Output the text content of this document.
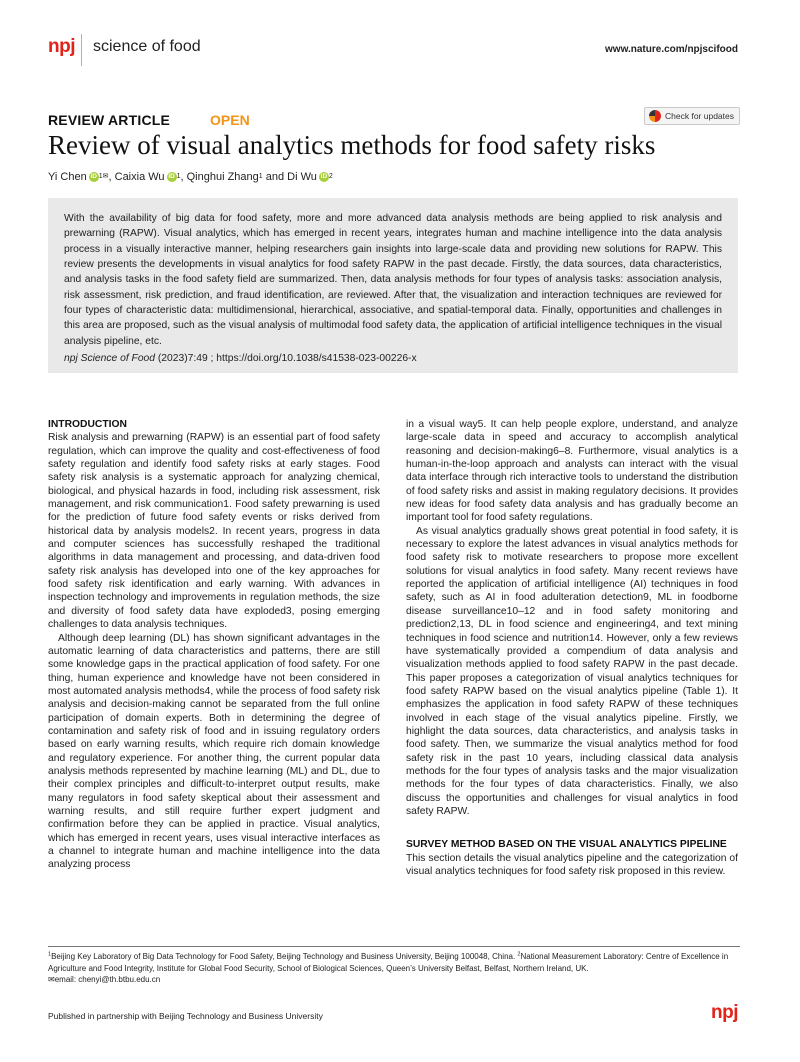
npj science of food	www.nature.com/npjscifood
REVIEW ARTICLE	OPEN	Check for updates
Review of visual analytics methods for food safety risks
Yi Chen iD 1✉ , Caixia Wu iD 1 , Qinghui Zhang 1 and Di Wu iD 2

With the availability of big data for food safety, more and more advanced data analysis methods are being applied to risk analysis and prewarning (RAPW). Visual analytics, which has emerged in recent years, integrates human and machine intelligence into the data analysis process in a visually interactive manner, helping researchers gain insights into large-scale data and providing new solutions for RAPW. This review presents the developments in visual analytics for food safety RAPW in the past decade. Firstly, the data sources, data characteristics, and analysis tasks in the food safety field are summarized. Then, data analysis methods for four types of analysis tasks: association analysis, risk assessment, risk prediction, and fraud identification, are reviewed. After that, the visualization and interaction techniques are reviewed for four types of characteristic data: multidimensional, hierarchical, associative, and spatial-temporal data. Finally, opportunities and challenges in this area are proposed, such as the visual analysis of multimodal food safety data, the application of artificial intelligence techniques in the visual analysis pipeline, etc.

npj Science of Food (2023)7:49 ; https://doi.org/10.1038/s41538-023-00226-x
INTRODUCTION

Risk analysis and prewarning (RAPW) is an essential part of food safety regulation, which can improve the quality and cost-effectiveness of food safety regulation and identify food safety risks at early stages. Food safety risk analysis is a systematic approach for analyzing chemical, biological, and physical hazards in food, including risk assessment, risk management, and risk communication1. Food safety prewarning is used for the prediction of future food safety events or risks derived from historical data by analysis models2. In recent years, progress in data and computer sciences has successfully reshaped the traditional algorithms in data management and processing, and data-driven food safety risk analysis has developed into one of the key approaches for food safety risk identification and early warning. With advances in inspection technology and improvements in regulation methods, the size and diversity of food safety data have exploded3, posing emerging challenges to data analysis techniques.

Although deep learning (DL) has shown significant advantages in the automatic learning of data characteristics and patterns, there are still some knowledge gaps in the practical application of food safety. For one thing, human experience and knowledge have not been considered in most automated analysis methods4, while the process of food safety risk analysis and decision-making cannot be separated from the full online participation of domain experts. Both in determining the degree of contamination and safety risk of food and in issuing regulatory orders based on early warning results, which require rich domain knowledge and regulatory experience. For another thing, the current popular data analysis methods represented by machine learning (ML) and DL, due to their complex principles and difficult-to-interpret output results, make many regulators in food safety skeptical about their assessment and warning results, and still require further expert judgment and confirmation before they can be applied in practice. Visual analytics, which has emerged in recent years, uses visual interactive interfaces as a channel to integrate human and machine intelligence into the data analyzing process

in a visual way5. It can help people explore, understand, and analyze large-scale data in speed and accuracy to accomplish analytical reasoning and decision-making6–8. Furthermore, visual analytics is a human-in-the-loop approach and analysts can interact with the visual data interface through rich interactive tools to understand the distribution of food safety risks and assist in making regulatory decisions. It provides new ideas for food safety data analysis and has gradually become an important tool for food safety regulations.

As visual analytics gradually shows great potential in food safety, it is necessary to explore the latest advances in visual analytics methods for food safety risk to motivate researchers to propose more excellent solutions for visual analytics in food safety. Many recent reviews have reported the application of artificial intelligence (AI) techniques in food safety, such as AI in food adulteration detection9, ML in foodborne disease surveillance10–12 and in food safety monitoring and prediction2,13, DL in food science and engineering4, and text mining techniques in food science and nutrition14. However, only a few reviews have systematically provided a compendium of data analysis and visualization methods applied to food safety RAPW in the past decade. This paper proposes a categorization of visual analytics techniques for food safety RAPW based on the visual analytics pipeline (Table 1). It emphasizes the application in food safety RAPW of these techniques involved in each stage of the visual analytics pipeline. Firstly, we highlight the data sources, data characteristics, and analysis tasks in food safety. Then, we summarize the visual analytics method for food safety risk in the past 10 years, including classical data analysis methods for the four types of analysis tasks and the major visualization methods for the four types of data characteristics. Finally, we also discuss the opportunities and challenges for visual analytics in food safety RAPW.

SURVEY METHOD BASED ON THE VISUAL ANALYTICS PIPELINE

This section details the visual analytics pipeline and the categorization of visual analytics techniques for food safety risk proposed in this review.

$^1$Beijing Key Laboratory of Big Data Technology for Food Safety, Beijing Technology and Business University, Beijing 100048, China. $^2$National Measurement Laboratory: Centre of Excellence in Agriculture and Food Integrity, Institute for Global Food Security, School of Biological Sciences, Queen’s University Belfast, Belfast, Northern Ireland, UK.
✉email: chenyi@th.btbu.edu.cn
Published in partnership with Beijing Technology and Business University	npj
